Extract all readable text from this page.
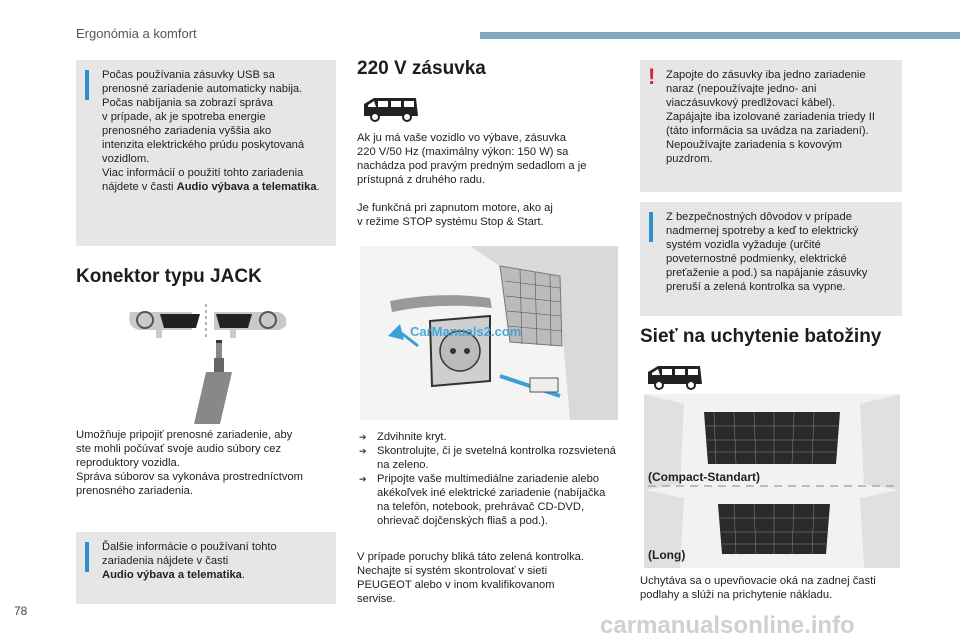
Ergonómia a komfort

Počas používania zásuvky USB sa

prenosné zariadenie automaticky nabija.

Počas nabíjania sa zobrazí správa

v prípade, ak je spotreba energie

prenosného zariadenia vyššia ako

intenzita elektrického prúdu poskytovaná

vozidlom.

Viac informácií o použití tohto zariadenia

nájdete v časti Audio výbava a telematika.

Konektor typu JACK

Umožňuje pripojiť prenosné zariadenie, aby

ste mohli počúvať svoje audio súbory cez

reproduktory vozidla.

Správa súborov sa vykonáva prostredníctvom

prenosného zariadenia.

Ďalšie informácie o používaní tohto

zariadenia nájdete v časti

Audio výbava a telematika.

220 V zásuvka

Ak ju má vaše vozidlo vo výbave, zásuvka

220 V/50 Hz (maximálny výkon: 150 W) sa

nachádza pod pravým predným sedadlom a je

prístupná z druhého radu.

Je funkčná pri zapnutom motore, ako aj

v režime STOP systému Stop & Start.

CarManuals2.com
➔ Zdvihnite kryt.
➔ Skontrolujte, či je svetelná kontrolka rozsvietená na zeleno.
➔ Pripojte vaše multimediálne zariadenie alebo akékoľvek iné elektrické zariadenie (nabíjačka na telefón, notebook, prehrávač CD-DVD, ohrievač dojčenských fliaš a pod.).

V prípade poruchy bliká táto zelená kontrolka.

Nechajte si systém skontrolovať v sieti

PEUGEOT alebo v inom kvalifikovanom

servise.

! Zapojte do zásuvky iba jedno zariadenie

naraz (nepoužívajte jedno- ani

viaczásuvkový predlžovací kábel).

Zapájajte iba izolované zariadenia triedy II

(táto informácia sa uvádza na zariadení).

Nepoužívajte zariadenia s kovovým

puzdrom.

Z bezpečnostných dôvodov v prípade

nadmernej spotreby a keď to elektrický

systém vozidla vyžaduje (určité

poveternostné podmienky, elektrické

preťaženie a pod.) sa napájanie zásuvky

preruší a zelená kontrolka sa vypne.

Sieť na uchytenie batožiny
(Compact-Standart)
(Long)

Uchytáva sa o upevňovacie oká na zadnej časti

podlahy a slúži na prichytenie nákladu.

78
carmanualsonline.info
